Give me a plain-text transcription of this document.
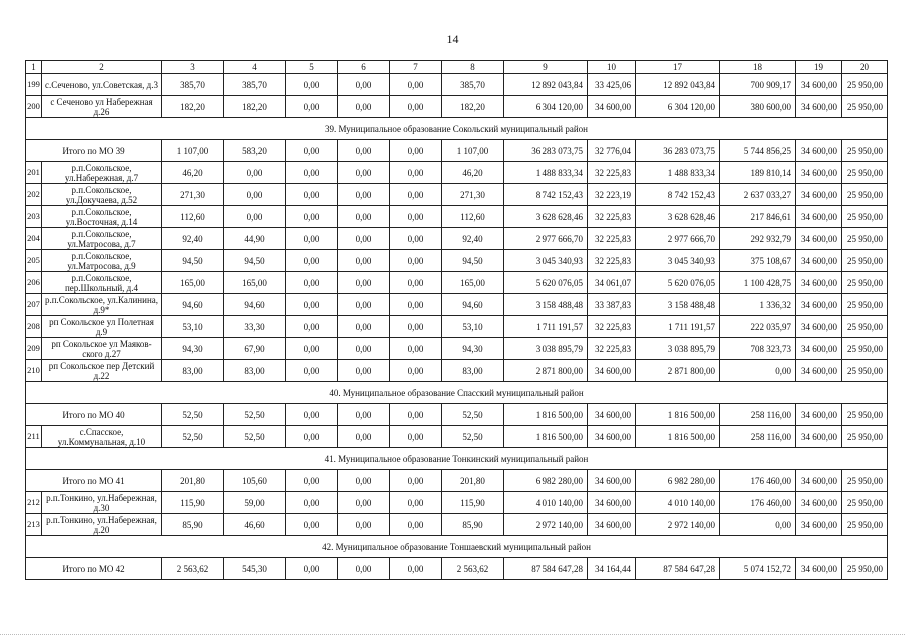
14
1	2	3	4	5	6	7	8	9	10	17	18	19	20
199	с.Сеченово, ул.Советская, д.3	385,70	385,70	0,00	0,00	0,00	385,70	12 892 043,84	33 425,06	12 892 043,84	700 909,17	34 600,00	25 950,00
200	с Сеченово ул Набережная д.26	182,20	182,20	0,00	0,00	0,00	182,20	6 304 120,00	34 600,00	6 304 120,00	380 600,00	34 600,00	25 950,00
39. Муниципальное образование Сокольский муниципальный район													
Итого по МО 39		1 107,00	583,20	0,00	0,00	0,00	1 107,00	36 283 073,75	32 776,04	36 283 073,75	5 744 856,25	34 600,00	25 950,00
201	р.п.Сокольское, ул.Набережная, д.7	46,20	0,00	0,00	0,00	0,00	46,20	1 488 833,34	32 225,83	1 488 833,34	189 810,14	34 600,00	25 950,00
202	р.п.Сокольское, ул.Докучаева, д.52	271,30	0,00	0,00	0,00	0,00	271,30	8 742 152,43	32 223,19	8 742 152,43	2 637 033,27	34 600,00	25 950,00
203	р.п.Сокольское, ул.Восточная, д.14	112,60	0,00	0,00	0,00	0,00	112,60	3 628 628,46	32 225,83	3 628 628,46	217 846,61	34 600,00	25 950,00
204	р.п.Сокольское, ул.Матросова, д.7	92,40	44,90	0,00	0,00	0,00	92,40	2 977 666,70	32 225,83	2 977 666,70	292 932,79	34 600,00	25 950,00
205	р.п.Сокольское, ул.Матросова, д.9	94,50	94,50	0,00	0,00	0,00	94,50	3 045 340,93	32 225,83	3 045 340,93	375 108,67	34 600,00	25 950,00
206	р.п.Сокольское, пер.Школьный, д.4	165,00	165,00	0,00	0,00	0,00	165,00	5 620 076,05	34 061,07	5 620 076,05	1 100 428,75	34 600,00	25 950,00
207	р.п.Сокольское, ул.Калинина, д.9*	94,60	94,60	0,00	0,00	0,00	94,60	3 158 488,48	33 387,83	3 158 488,48	1 336,32	34 600,00	25 950,00
208	рп Сокольское ул Полетная д.9	53,10	33,30	0,00	0,00	0,00	53,10	1 711 191,57	32 225,83	1 711 191,57	222 035,97	34 600,00	25 950,00
209	рп Сокольское ул Маяков-ского д.27	94,30	67,90	0,00	0,00	0,00	94,30	3 038 895,79	32 225,83	3 038 895,79	708 323,73	34 600,00	25 950,00
210	рп Сокольское пер Детский д.22	83,00	83,00	0,00	0,00	0,00	83,00	2 871 800,00	34 600,00	2 871 800,00	0,00	34 600,00	25 950,00
40. Муниципальное образование Спасский муниципальный район													
Итого по МО 40		52,50	52,50	0,00	0,00	0,00	52,50	1 816 500,00	34 600,00	1 816 500,00	258 116,00	34 600,00	25 950,00
211	с.Спасское, ул.Коммунальная, д.10	52,50	52,50	0,00	0,00	0,00	52,50	1 816 500,00	34 600,00	1 816 500,00	258 116,00	34 600,00	25 950,00
41. Муниципальное образование Тонкинский муниципальный район													
Итого по МО 41		201,80	105,60	0,00	0,00	0,00	201,80	6 982 280,00	34 600,00	6 982 280,00	176 460,00	34 600,00	25 950,00
212	р.п.Тонкино, ул.Набережная, д.30	115,90	59,00	0,00	0,00	0,00	115,90	4 010 140,00	34 600,00	4 010 140,00	176 460,00	34 600,00	25 950,00
213	р.п.Тонкино, ул.Набережная, д.20	85,90	46,60	0,00	0,00	0,00	85,90	2 972 140,00	34 600,00	2 972 140,00	0,00	34 600,00	25 950,00
42. Муниципальное образование Тоншаевский муниципальный район													
Итого по МО 42		2 563,62	545,30	0,00	0,00	0,00	2 563,62	87 584 647,28	34 164,44	87 584 647,28	5 074 152,72	34 600,00	25 950,00
